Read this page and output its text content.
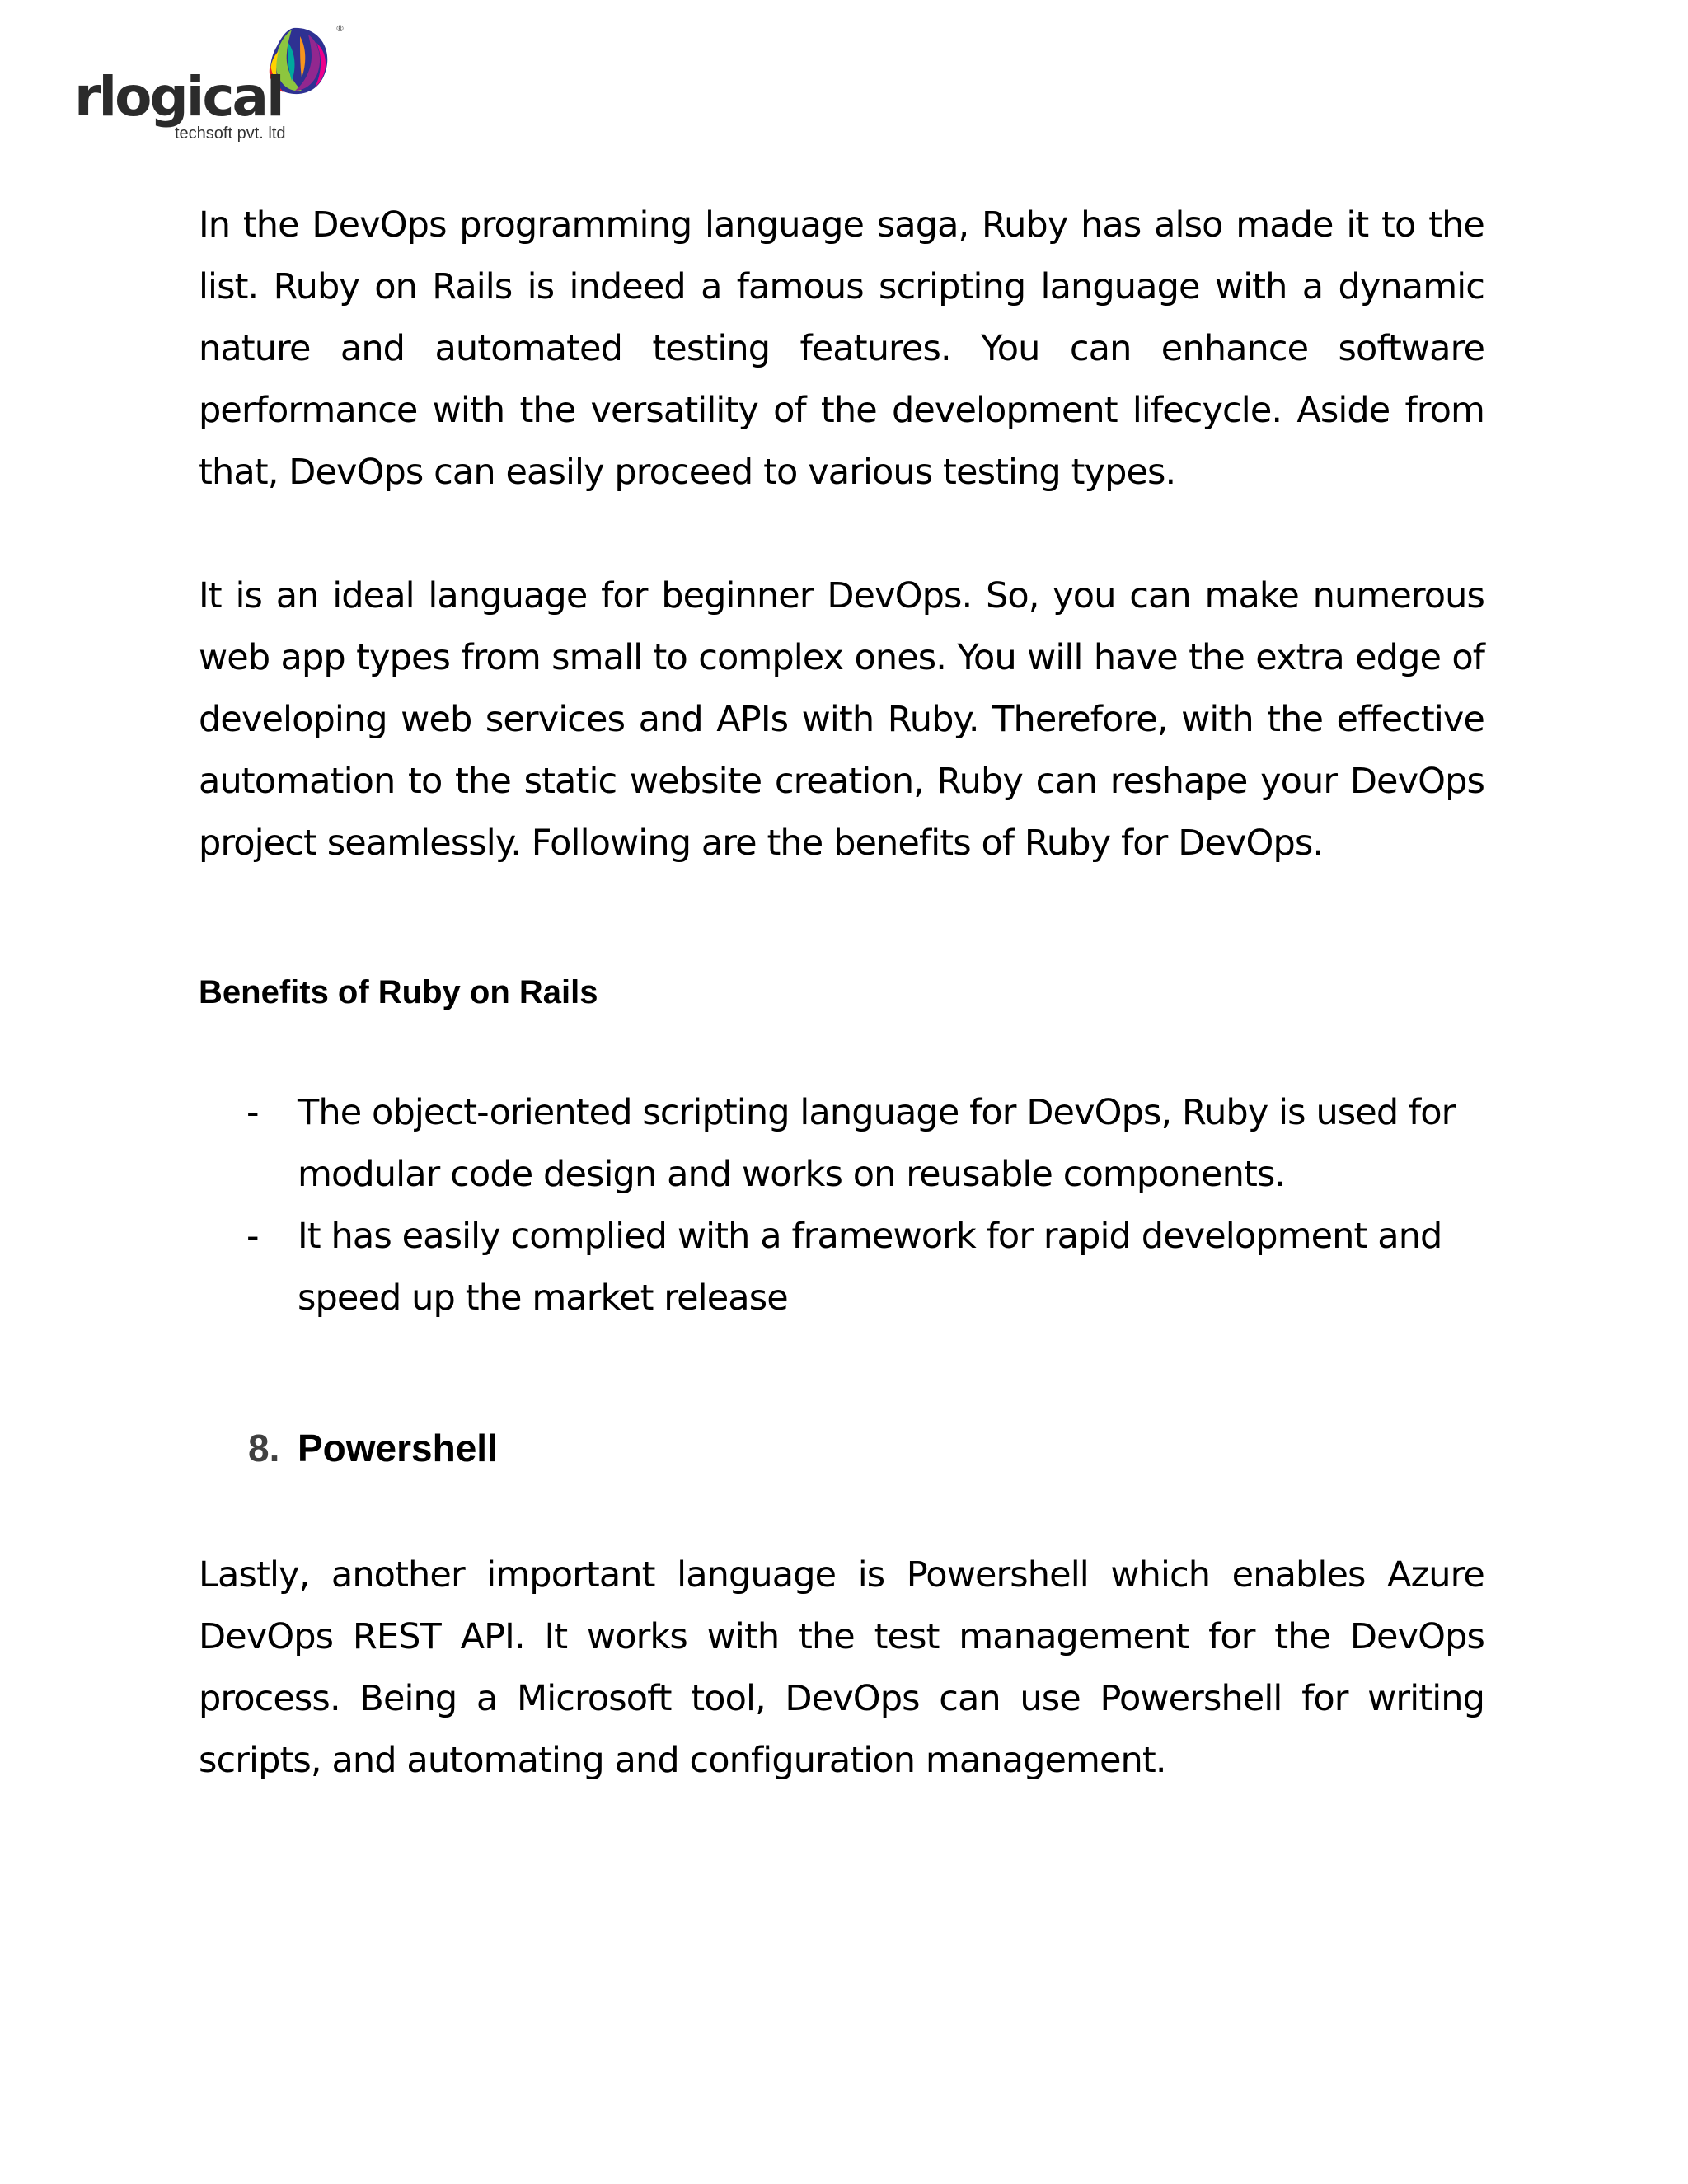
®
rlogical
techsoft pvt. ltd

In the DevOps programming language saga, Ruby has also made it to the list. Ruby on Rails is indeed a famous scripting language with a dynamic nature and automated testing features. You can enhance software performance with the versatility of the development lifecycle. Aside from that, DevOps can easily proceed to various testing types.

It is an ideal language for beginner DevOps. So, you can make numerous web app types from small to complex ones. You will have the extra edge of developing web services and APIs with Ruby. Therefore, with the effective automation to the static website creation, Ruby can reshape your DevOps project seamlessly. Following are the benefits of Ruby for DevOps.

Benefits of Ruby on Rails
- The object-oriented scripting language for DevOps, Ruby is used for modular code design and works on reusable components.
- It has easily complied with a framework for rapid development and speed up the market release
8. Powershell

Lastly, another important language is Powershell which enables Azure DevOps REST API. It works with the test management for the DevOps process. Being a Microsoft tool, DevOps can use Powershell for writing scripts, and automating and configuration management.
